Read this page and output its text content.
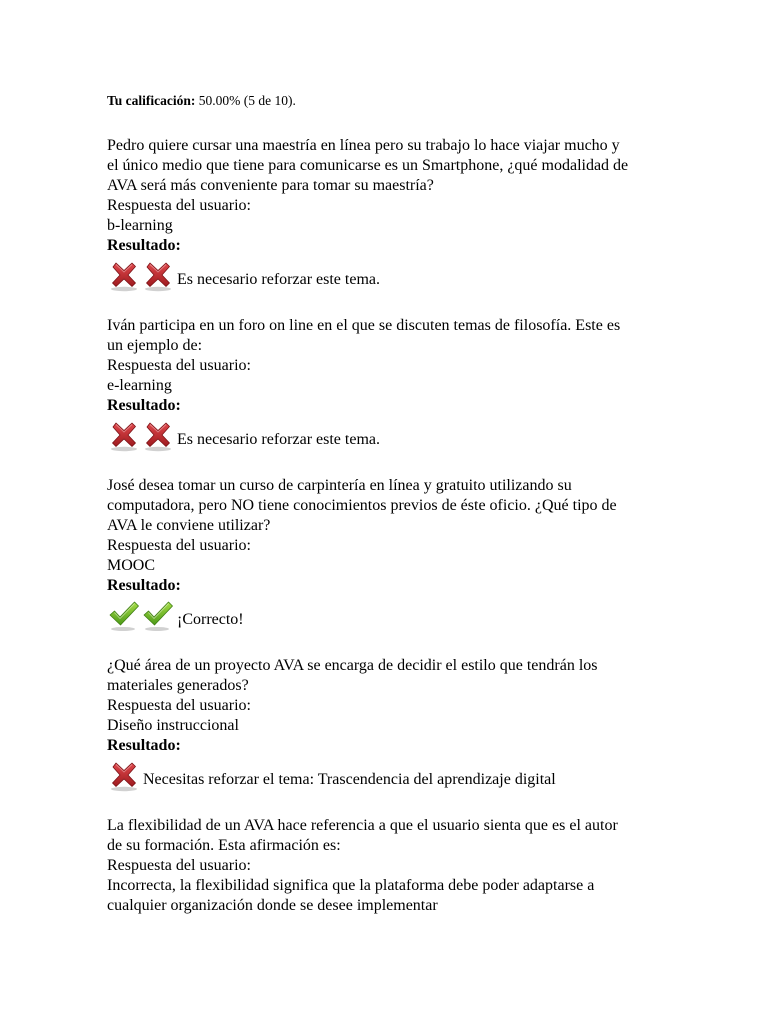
Tu calificación: 50.00% (5 de 10).

Pedro quiere cursar una maestría en línea pero su trabajo lo hace viajar mucho y
el único medio que tiene para comunicarse es un Smartphone, ¿qué modalidad de
AVA será más conveniente para tomar su maestría?
Respuesta del usuario:
b-learning
Resultado:
Es necesario reforzar este tema.
Iván participa en un foro on line en el que se discuten temas de filosofía. Este es
un ejemplo de:
Respuesta del usuario:
e-learning
Resultado:
Es necesario reforzar este tema.
José desea tomar un curso de carpintería en línea y gratuito utilizando su
computadora, pero NO tiene conocimientos previos de éste oficio. ¿Qué tipo de
AVA le conviene utilizar?
Respuesta del usuario:
MOOC
Resultado:
¡Correcto!
¿Qué área de un proyecto AVA se encarga de decidir el estilo que tendrán los
materiales generados?
Respuesta del usuario:
Diseño instruccional
Resultado:
Necesitas reforzar el tema: Trascendencia del aprendizaje digital
La flexibilidad de un AVA hace referencia a que el usuario sienta que es el autor
de su formación. Esta afirmación es:
Respuesta del usuario:
Incorrecta, la flexibilidad significa que la plataforma debe poder adaptarse a
cualquier organización donde se desee implementar
